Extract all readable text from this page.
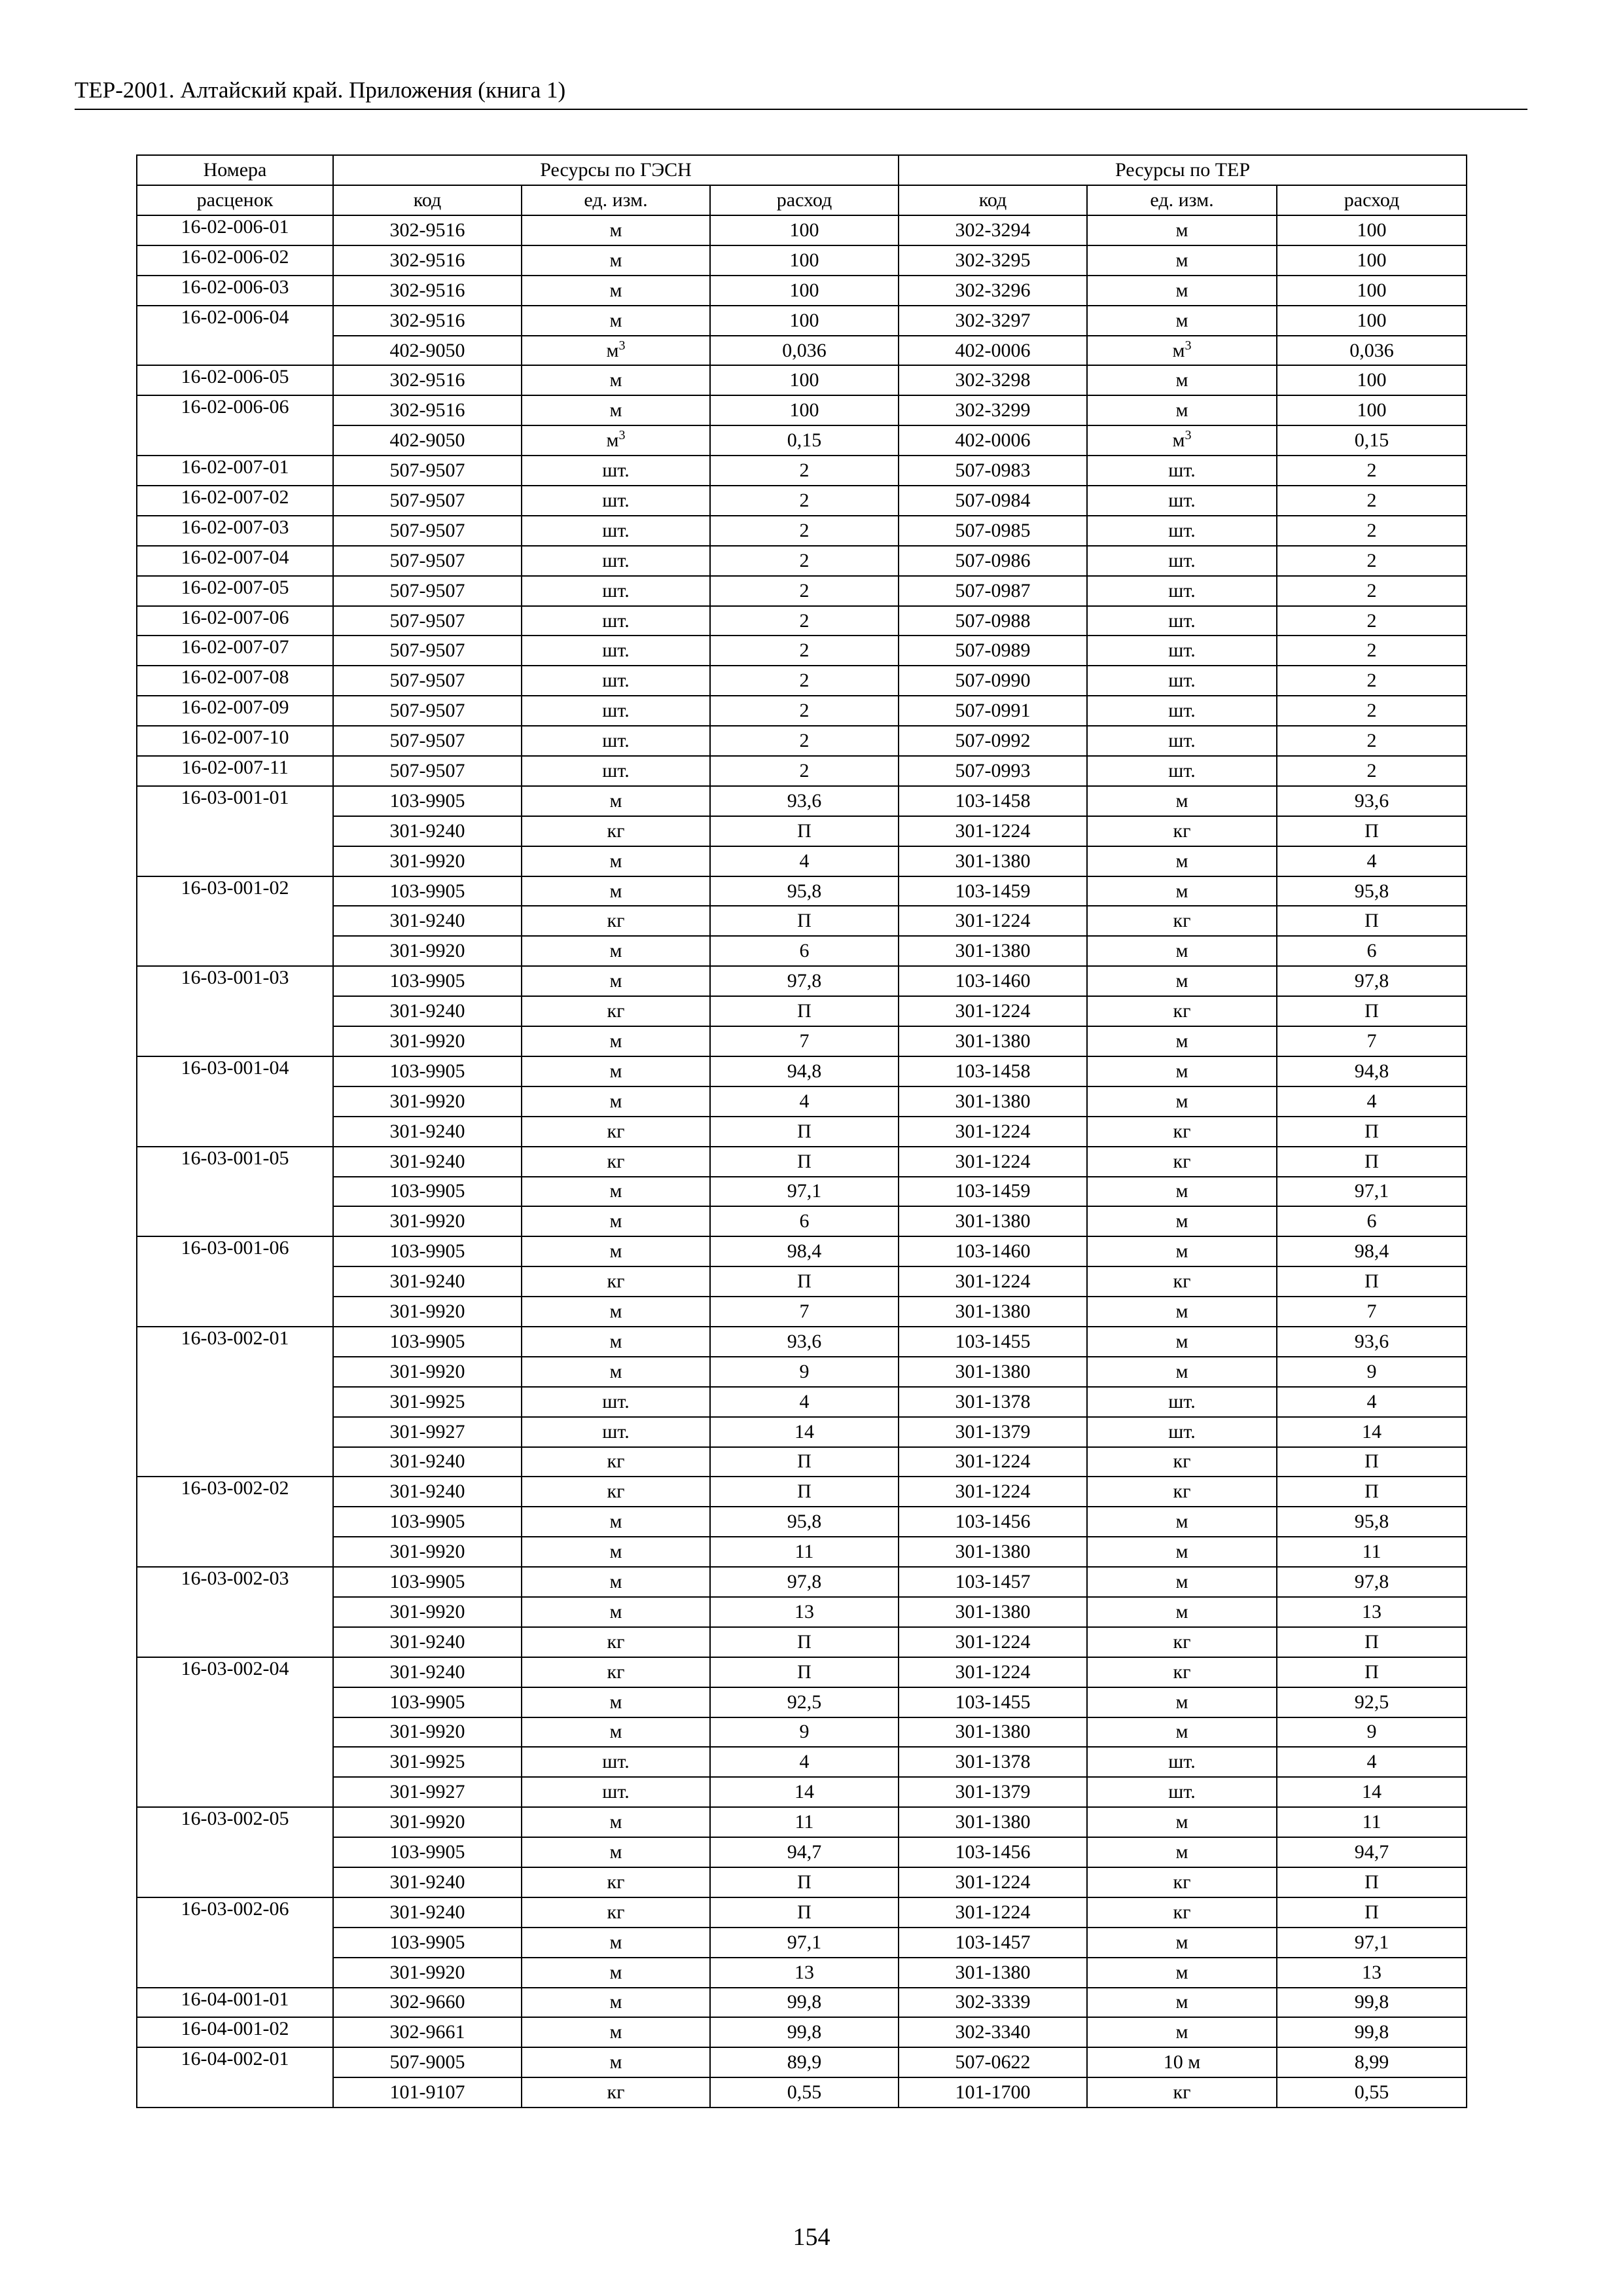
ТЕР-2001. Алтайский край. Приложения (книга 1)
Номера	Ресурсы по ГЭСН			Ресурсы по ТЕР		
расценок	код	ед. изм.	расход	код	ед. изм.	расход
16-02-006-01	302-9516	м	100	302-3294	м	100
16-02-006-02	302-9516	м	100	302-3295	м	100
16-02-006-03	302-9516	м	100	302-3296	м	100
16-02-006-04	302-9516	м	100	302-3297	м	100
	402-9050	$м^3$	0,036	402-0006	$м^3$	0,036
16-02-006-05	302-9516	м	100	302-3298	м	100
16-02-006-06	302-9516	м	100	302-3299	м	100
	402-9050	$м^3$	0,15	402-0006	$м^3$	0,15
16-02-007-01	507-9507	шт.	2	507-0983	шт.	2
16-02-007-02	507-9507	шт.	2	507-0984	шт.	2
16-02-007-03	507-9507	шт.	2	507-0985	шт.	2
16-02-007-04	507-9507	шт.	2	507-0986	шт.	2
16-02-007-05	507-9507	шт.	2	507-0987	шт.	2
16-02-007-06	507-9507	шт.	2	507-0988	шт.	2
16-02-007-07	507-9507	шт.	2	507-0989	шт.	2
16-02-007-08	507-9507	шт.	2	507-0990	шт.	2
16-02-007-09	507-9507	шт.	2	507-0991	шт.	2
16-02-007-10	507-9507	шт.	2	507-0992	шт.	2
16-02-007-11	507-9507	шт.	2	507-0993	шт.	2
16-03-001-01	103-9905	м	93,6	103-1458	м	93,6
	301-9240	кг	П	301-1224	кг	П
	301-9920	м	4	301-1380	м	4
16-03-001-02	103-9905	м	95,8	103-1459	м	95,8
	301-9240	кг	П	301-1224	кг	П
	301-9920	м	6	301-1380	м	6
16-03-001-03	103-9905	м	97,8	103-1460	м	97,8
	301-9240	кг	П	301-1224	кг	П
	301-9920	м	7	301-1380	м	7
16-03-001-04	103-9905	м	94,8	103-1458	м	94,8
	301-9920	м	4	301-1380	м	4
	301-9240	кг	П	301-1224	кг	П
16-03-001-05	301-9240	кг	П	301-1224	кг	П
	103-9905	м	97,1	103-1459	м	97,1
	301-9920	м	6	301-1380	м	6
16-03-001-06	103-9905	м	98,4	103-1460	м	98,4
	301-9240	кг	П	301-1224	кг	П
	301-9920	м	7	301-1380	м	7
16-03-002-01	103-9905	м	93,6	103-1455	м	93,6
	301-9920	м	9	301-1380	м	9
	301-9925	шт.	4	301-1378	шт.	4
	301-9927	шт.	14	301-1379	шт.	14
	301-9240	кг	П	301-1224	кг	П
16-03-002-02	301-9240	кг	П	301-1224	кг	П
	103-9905	м	95,8	103-1456	м	95,8
	301-9920	м	11	301-1380	м	11
16-03-002-03	103-9905	м	97,8	103-1457	м	97,8
	301-9920	м	13	301-1380	м	13
	301-9240	кг	П	301-1224	кг	П
16-03-002-04	301-9240	кг	П	301-1224	кг	П
	103-9905	м	92,5	103-1455	м	92,5
	301-9920	м	9	301-1380	м	9
	301-9925	шт.	4	301-1378	шт.	4
	301-9927	шт.	14	301-1379	шт.	14
16-03-002-05	301-9920	м	11	301-1380	м	11
	103-9905	м	94,7	103-1456	м	94,7
	301-9240	кг	П	301-1224	кг	П
16-03-002-06	301-9240	кг	П	301-1224	кг	П
	103-9905	м	97,1	103-1457	м	97,1
	301-9920	м	13	301-1380	м	13
16-04-001-01	302-9660	м	99,8	302-3339	м	99,8
16-04-001-02	302-9661	м	99,8	302-3340	м	99,8
16-04-002-01	507-9005	м	89,9	507-0622	10 м	8,99
	101-9107	кг	0,55	101-1700	кг	0,55
154
